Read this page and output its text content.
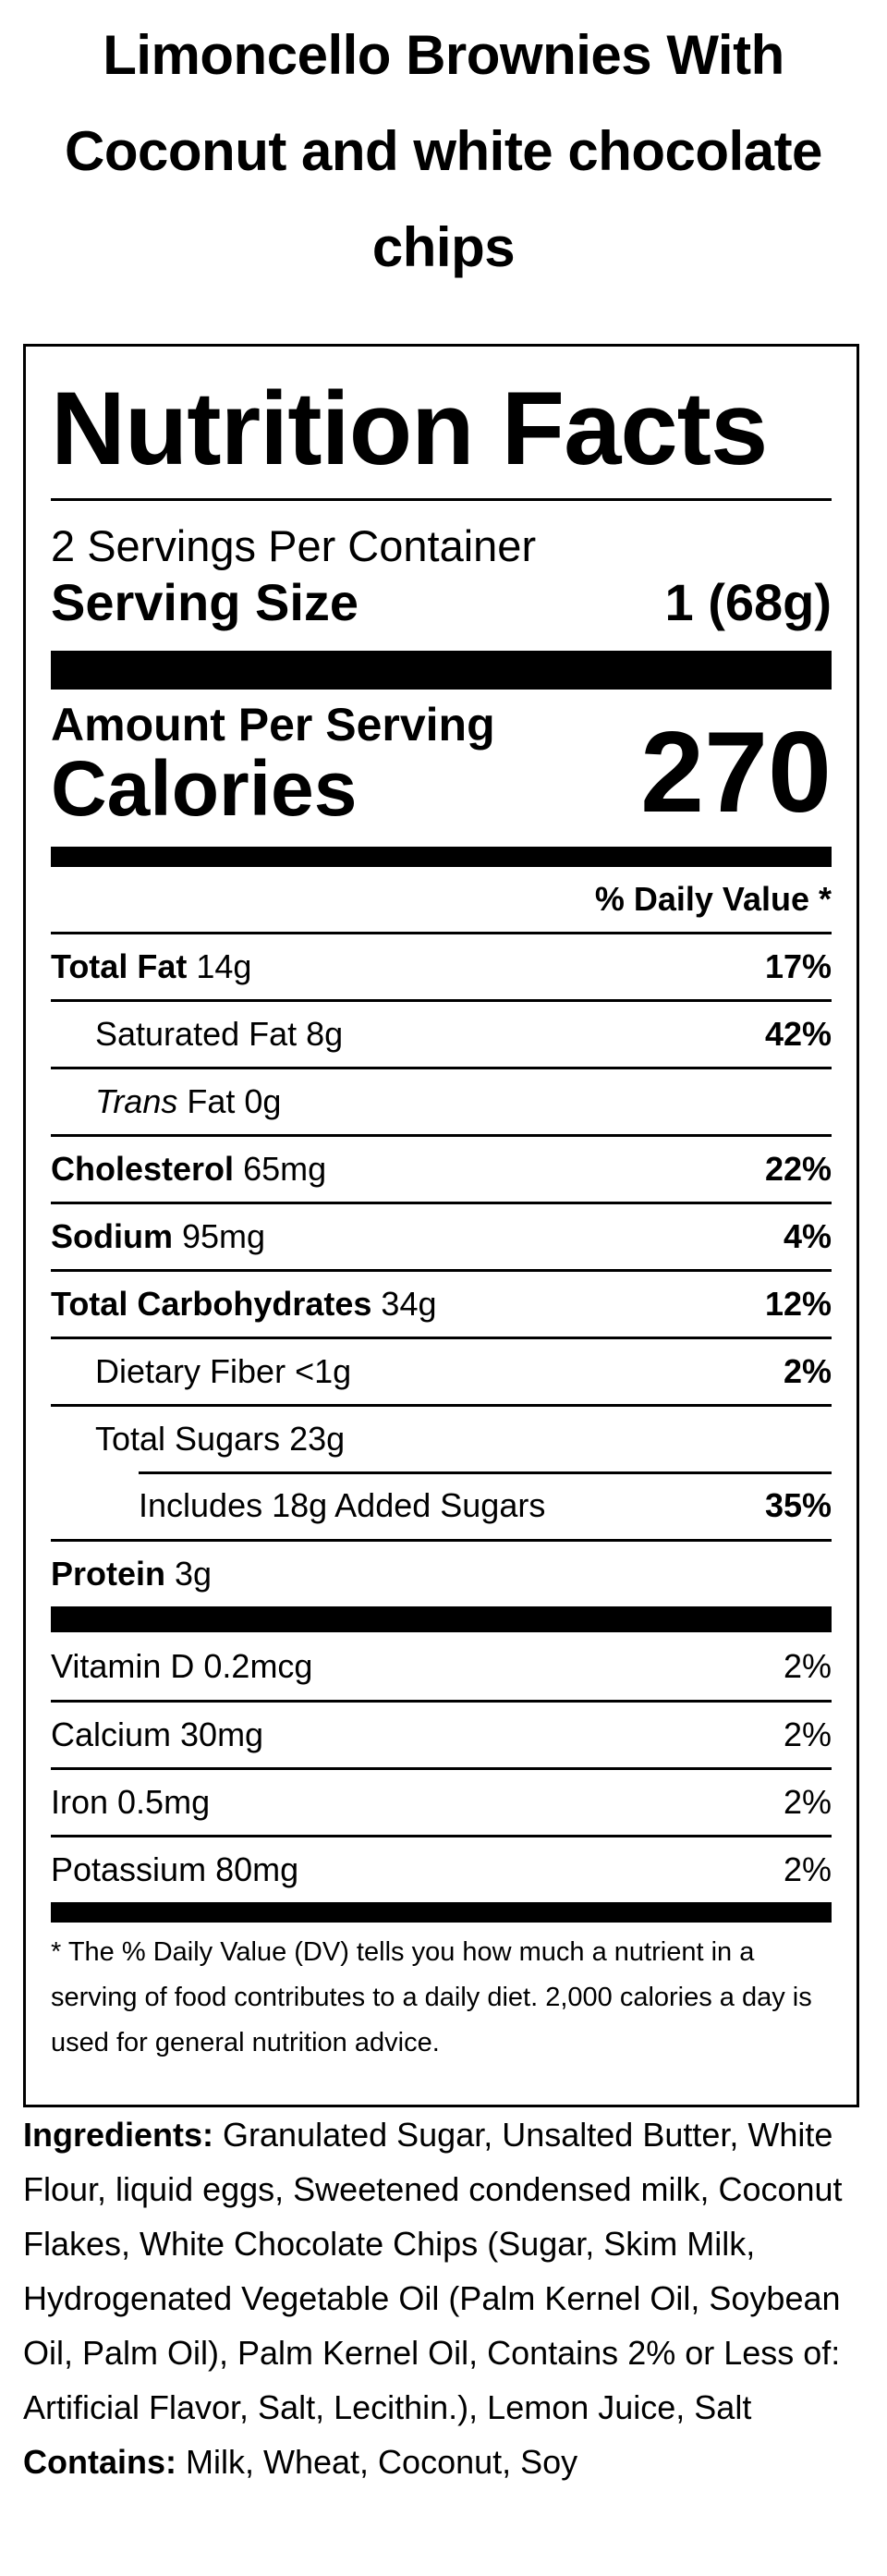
Limoncello Brownies With Coconut and white chocolate chips
Nutrition Facts
2 Servings Per Container
Serving Size	1 (68g)
Amount Per Serving
Calories	270
% Daily Value *
Total Fat 14g	17%
Saturated Fat 8g	42%
Trans Fat 0g
Cholesterol 65mg	22%
Sodium 95mg	4%
Total Carbohydrates 34g	12%
Dietary Fiber <1g	2%
Total Sugars 23g
Includes 18g Added Sugars	35%
Protein 3g
Vitamin D 0.2mcg	2%
Calcium 30mg	2%
Iron 0.5mg	2%
Potassium 80mg	2%
* The % Daily Value (DV) tells you how much a nutrient in a serving of food contributes to a daily diet. 2,000 calories a day is used for general nutrition advice.
Ingredients: Granulated Sugar, Unsalted Butter, White Flour, liquid eggs, Sweetened condensed milk, Coconut Flakes, White Chocolate Chips (Sugar, Skim Milk, Hydrogenated Vegetable Oil (Palm Kernel Oil, Soybean Oil, Palm Oil), Palm Kernel Oil, Contains 2% or Less of: Artificial Flavor, Salt, Lecithin.), Lemon Juice, Salt
Contains: Milk, Wheat, Coconut, Soy
